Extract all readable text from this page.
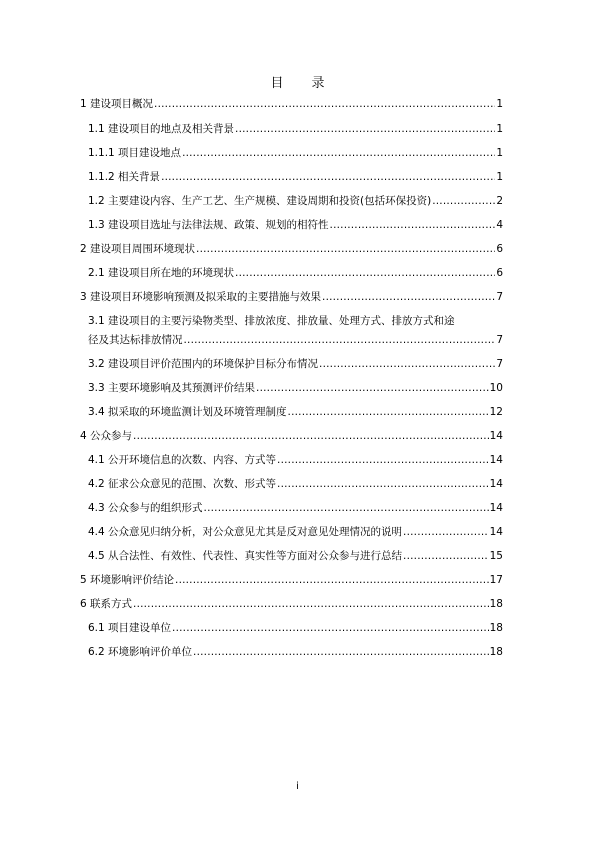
目 录
1 建设项目概况 .....	1
1.1 建设项目的地点及相关背景 .....	1
1.1.1 项目建设地点 .....	1
1.1.2 相关背景 .....	1
1.2 主要建设内容、生产工艺、生产规模、建设周期和投资(包括环保投资) .....	2
1.3 建设项目选址与法律法规、政策、规划的相符性 .....	4
2 建设项目周围环境现状 .....	6
2.1 建设项目所在地的环境现状 .....	6
3 建设项目环境影响预测及拟采取的主要措施与效果 .....	7
3.1 建设项目的主要污染物类型、排放浓度、排放量、处理方式、排放方式和途
径及其达标排放情况 .....	7
3.2 建设项目评价范围内的环境保护目标分布情况 .....	7
3.3 主要环境影响及其预测评价结果 .....	10
3.4 拟采取的环境监测计划及环境管理制度 .....	12
4 公众参与 .....	14
4.1 公开环境信息的次数、内容、方式等 .....	14
4.2 征求公众意见的范围、次数、形式等 .....	14
4.3 公众参与的组织形式 .....	14
4.4 公众意见归纳分析，对公众意见尤其是反对意见处理情况的说明 .....	14
4.5 从合法性、有效性、代表性、真实性等方面对公众参与进行总结 .....	15
5 环境影响评价结论 .....	17
6 联系方式 .....	18
6.1 项目建设单位 .....	18
6.2 环境影响评价单位 .....	18
i
